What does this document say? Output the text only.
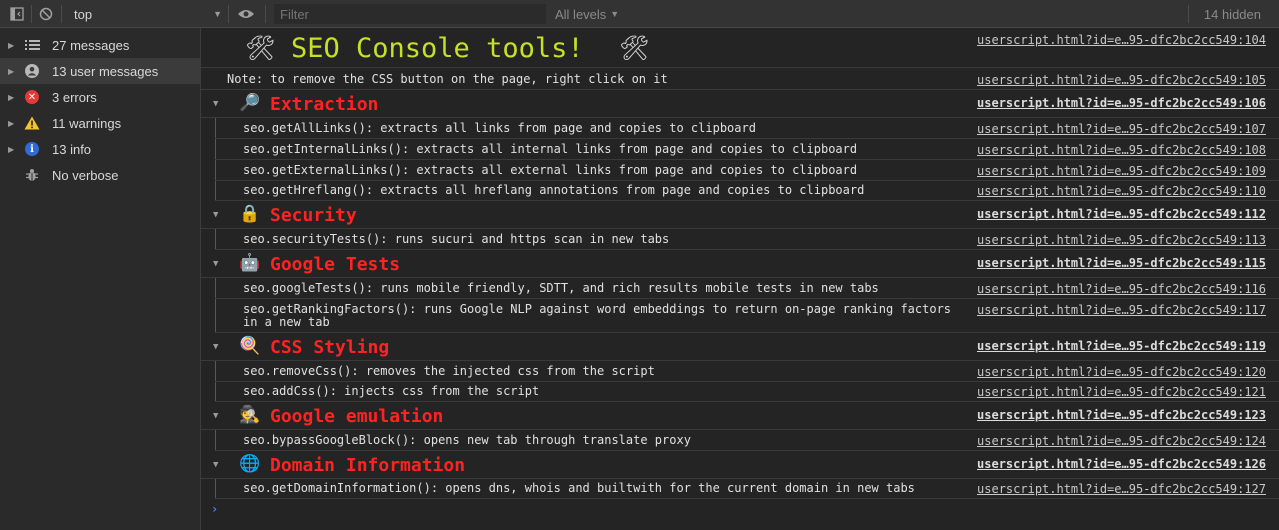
top	▼
Filter	All levels ▼	14 hidden
▶	27 messages
▶	13 user messages
▶ ✕ 3 errors
▶	11 warnings
▶	i	13 info
No verbose
🛠 SEO Console tools! 🛠	userscript.html?id=e…95-dfc2bc2cc549:104
Note: to remove the CSS button on the page, right click on it	userscript.html?id=e…95-dfc2bc2cc549:105
▼ 🔎 Extraction	userscript.html?id=e…95-dfc2bc2cc549:106
seo.getAllLinks(): extracts all links from page and copies to clipboard	userscript.html?id=e…95-dfc2bc2cc549:107
seo.getInternalLinks(): extracts all internal links from page and copies to clipboard	userscript.html?id=e…95-dfc2bc2cc549:108
seo.getExternalLinks(): extracts all external links from page and copies to clipboard	userscript.html?id=e…95-dfc2bc2cc549:109
seo.getHreflang(): extracts all hreflang annotations from page and copies to clipboard	userscript.html?id=e…95-dfc2bc2cc549:110
▼ 🔒 Security	userscript.html?id=e…95-dfc2bc2cc549:112
seo.securityTests(): runs sucuri and https scan in new tabs	userscript.html?id=e…95-dfc2bc2cc549:113
▼ 🤖 Google Tests	userscript.html?id=e…95-dfc2bc2cc549:115
seo.googleTests(): runs mobile friendly, SDTT, and rich results mobile tests in new tabs	userscript.html?id=e…95-dfc2bc2cc549:116
seo.getRankingFactors(): runs Google NLP against word embeddings to return on-page ranking factors
in a new tab
userscript.html?id=e…95-dfc2bc2cc549:117
▼ 🍭 CSS Styling	userscript.html?id=e…95-dfc2bc2cc549:119
seo.removeCss(): removes the injected css from the script	userscript.html?id=e…95-dfc2bc2cc549:120
seo.addCss(): injects css from the script	userscript.html?id=e…95-dfc2bc2cc549:121
▼ 🕵 Google emulation	userscript.html?id=e…95-dfc2bc2cc549:123
seo.bypassGoogleBlock(): opens new tab through translate proxy	userscript.html?id=e…95-dfc2bc2cc549:124
▼ 🌐 Domain Information	userscript.html?id=e…95-dfc2bc2cc549:126
seo.getDomainInformation(): opens dns, whois and builtwith for the current domain in new tabs	userscript.html?id=e…95-dfc2bc2cc549:127
›
